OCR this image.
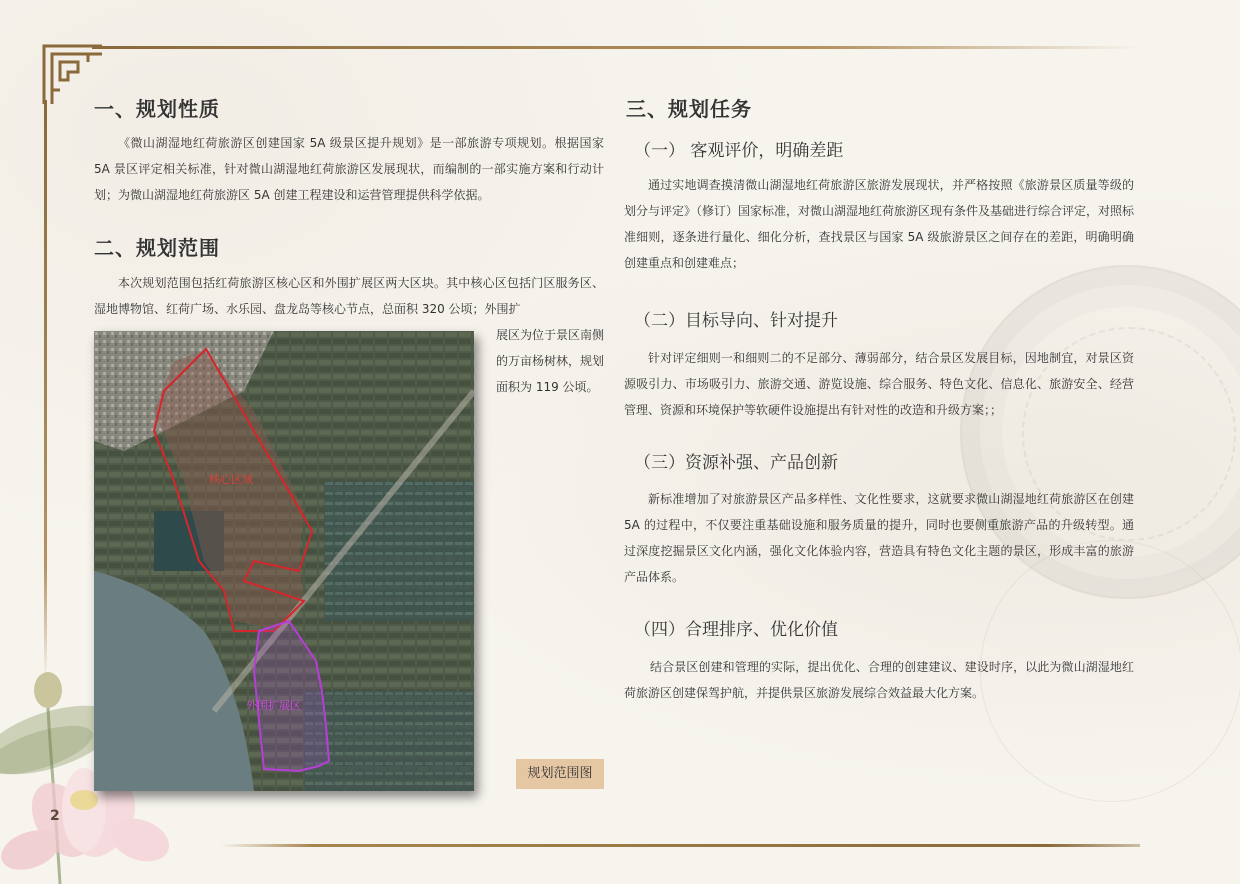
2
一、规划性质

《微山湖湿地红荷旅游区创建国家 5A 级景区提升规划》是一部旅游专项规划。根据国家 5A 景区评定相关标准，针对微山湖湿地红荷旅游区发展现状，而编制的一部实施方案和行动计划；为微山湖湿地红荷旅游区 5A 创建工程建设和运营管理提供科学依据。

二、规划范围

本次规划范围包括红荷旅游区核心区和外围扩展区两大区块。其中核心区包括门区服务区、湿地博物馆、红荷广场、水乐园、盘龙岛等核心节点，总面积 320 公顷；外围扩

展区为位于景区南侧的万亩杨树林，规划面积为 119 公顷。

核心区域
外围扩展区
规划范围图
三、规划任务
（一） 客观评价，明确差距

通过实地调查摸清微山湖湿地红荷旅游区旅游发展现状，并严格按照《旅游景区质量等级的划分与评定》（修订）国家标准，对微山湖湿地红荷旅游区现有条件及基础进行综合评定，对照标准细则，逐条进行量化、细化分析，查找景区与国家 5A 级旅游景区之间存在的差距，明确明确创建重点和创建难点；

（二）目标导向、针对提升

针对评定细则一和细则二的不足部分、薄弱部分，结合景区发展目标，因地制宜，对景区资源吸引力、市场吸引力、旅游交通、游览设施、综合服务、特色文化、信息化、旅游安全、经营管理、资源和环境保护等软硬件设施提出有针对性的改造和升级方案；；

（三）资源补强、产品创新

新标准增加了对旅游景区产品多样性、文化性要求，这就要求微山湖湿地红荷旅游区在创建 5A 的过程中，不仅要注重基础设施和服务质量的提升，同时也要侧重旅游产品的升级转型。通过深度挖掘景区文化内涵，强化文化体验内容，营造具有特色文化主题的景区，形成丰富的旅游产品体系。

（四）合理排序、优化价值

结合景区创建和管理的实际，提出优化、合理的创建建议、建设时序，以此为微山湖湿地红荷旅游区创建保驾护航，并提供景区旅游发展综合效益最大化方案。
